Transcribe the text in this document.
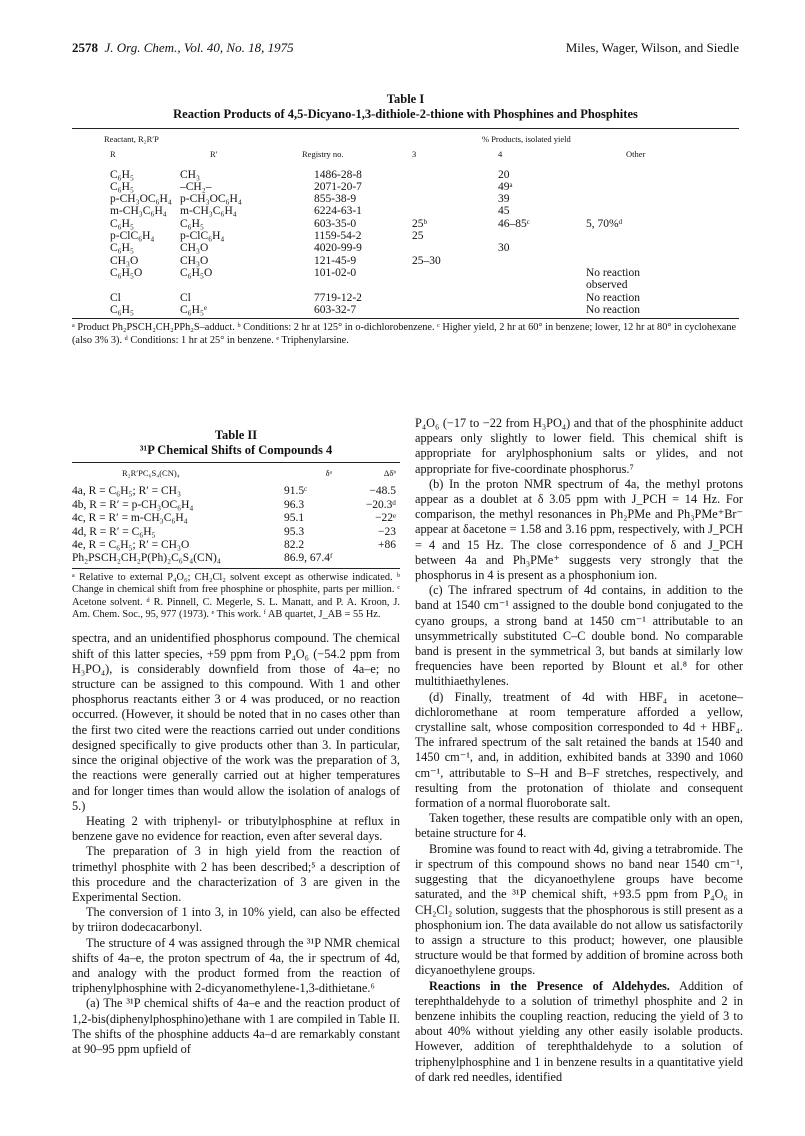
2578 J. Org. Chem., Vol. 40, No. 18, 1975	Miles, Wager, Wilson, and Siedle
Table I
Reaction Products of 4,5-Dicyano-1,3-dithiole-2-thione with Phosphines and Phosphites
Reactant, R₂R′P			% Products, isolated yield		
R	R′	Registry no.	3	4	Other
C₆H₅	CH₃	1486-28-8		20	
C₆H₅	–CH₂–	2071-20-7		49ᵃ	
p-CH₃OC₆H₄	p-CH₃OC₆H₄	855-38-9		39	
m-CH₃C₆H₄	m-CH₃C₆H₄	6224-63-1		45	
C₆H₅	C₆H₅	603-35-0	25ᵇ	46–85ᶜ	5, 70%ᵈ
p-ClC₆H₄	p-ClC₆H₄	1159-54-2	25		
C₆H₅	CH₃O	4020-99-9		30	
CH₃O	CH₃O	121-45-9	25–30		
C₆H₅O	C₆H₅O	101-02-0			No reaction
					observed
Cl	Cl	7719-12-2			No reaction
C₆H₅	C₆H₅ᵉ	603-32-7			No reaction
ᵃ Product Ph₂PSCH₂CH₂PPh₂S–adduct. ᵇ Conditions: 2 hr at 125° in o-dichlorobenzene. ᶜ Higher yield, 2 hr at 60° in benzene; lower, 12 hr at 80° in cyclohexane (also 3% 3). ᵈ Conditions: 1 hr at 25° in benzene. ᵉ Triphenylarsine.
Table II
³¹P Chemical Shifts of Compounds 4
R₂R′PC₆S₄(CN)₄	δᵃ	Δδᵇ
4a, R = C₆H₅; R′ = CH₃	91.5ᶜ	−48.5
4b, R = R′ = p-CH₃OC₆H₄	96.3	−20.3ᵈ
4c, R = R′ = m-CH₃C₆H₄	95.1	−22ᵉ
4d, R = R′ = C₆H₅	95.3	−23
4e, R = C₆H₅; R′ = CH₃O	82.2	+86
Ph₂PSCH₂CH₂P(Ph)₂C₆S₄(CN)₄	86.9, 67.4ᶠ	
ᵃ Relative to external P₄O₆; CH₂Cl₂ solvent except as otherwise indicated. ᵇ Change in chemical shift from free phosphine or phosphite, parts per million. ᶜ Acetone solvent. ᵈ R. Pinnell, C. Megerle, S. L. Manatt, and P. A. Kroon, J. Am. Chem. Soc., 95, 977 (1973). ᵉ This work. ᶠ AB quartet, J_AB = 55 Hz.

spectra, and an unidentified phosphorus compound. The chemical shift of this latter species, +59 ppm from P₄O₆ (−54.2 ppm from H₃PO₄), is considerably downfield from those of 4a–e; no structure can be assigned to this compound. With 1 and other phosphorus reactants either 3 or 4 was produced, or no reaction occurred. (However, it should be noted that in no cases other than the first two cited were the reactions carried out under conditions designed specifically to give products other than 3. In particular, since the original objective of the work was the preparation of 3, the reactions were generally carried out at higher temperatures and for longer times than would allow the isolation of analogs of 5.)

Heating 2 with triphenyl- or tributylphosphine at reflux in benzene gave no evidence for reaction, even after several days.

The preparation of 3 in high yield from the reaction of trimethyl phosphite with 2 has been described;⁵ a description of this procedure and the characterization of 3 are given in the Experimental Section.

The conversion of 1 into 3, in 10% yield, can also be effected by triiron dodecacarbonyl.

The structure of 4 was assigned through the ³¹P NMR chemical shifts of 4a–e, the proton spectrum of 4a, the ir spectrum of 4d, and analogy with the product formed from the reaction of triphenylphosphine with 2-dicyanomethylene-1,3-dithietane.⁶

(a) The ³¹P chemical shifts of 4a–e and the reaction product of 1,2-bis(diphenylphosphino)ethane with 1 are compiled in Table II. The shifts of the phosphine adducts 4a–d are remarkably constant at 90–95 ppm upfield of

P₄O₆ (−17 to −22 from H₃PO₄) and that of the phosphinite adduct appears only slightly to lower field. This chemical shift is appropriate for arylphosphonium salts or ylides, and not appropriate for five-coordinate phosphorus.⁷

(b) In the proton NMR spectrum of 4a, the methyl protons appear as a doublet at δ 3.05 ppm with J_PCH = 14 Hz. For comparison, the methyl resonances in Ph₂PMe and Ph₃PMe⁺Br⁻ appear at δacetone = 1.58 and 3.16 ppm, respectively, with J_PCH = 4 and 15 Hz. The close correspondence of δ and J_PCH between 4a and Ph₃PMe⁺ suggests very strongly that the phosphorus in 4 is present as a phosphonium ion.

(c) The infrared spectrum of 4d contains, in addition to the band at 1540 cm⁻¹ assigned to the double bond conjugated to the cyano groups, a strong band at 1450 cm⁻¹ attributable to an unsymmetrically substituted C–C double bond. No comparable band is present in the symmetrical 3, but bands at similarly low frequencies have been reported by Blount et al.⁸ for other multithiaethylenes.

(d) Finally, treatment of 4d with HBF₄ in acetone–dichloromethane at room temperature afforded a yellow, crystalline salt, whose composition corresponded to 4d + HBF₄. The infrared spectrum of the salt retained the bands at 1540 and 1450 cm⁻¹, and, in addition, exhibited bands at 3390 and 1060 cm⁻¹, attributable to S–H and B–F stretches, respectively, and resulting from the protonation of thiolate and consequent formation of a normal fluoroborate salt.

Taken together, these results are compatible only with an open, betaine structure for 4.

Bromine was found to react with 4d, giving a tetrabromide. The ir spectrum of this compound shows no band near 1540 cm⁻¹, suggesting that the dicyanoethylene groups have become saturated, and the ³¹P chemical shift, +93.5 ppm from P₄O₆ in CH₂Cl₂ solution, suggests that the phosphorous is still present as a phosphonium ion. The data available do not allow us satisfactorily to assign a structure to this product; however, one plausible structure would be that formed by addition of bromine across both dicyanoethylene groups.

Reactions in the Presence of Aldehydes. Addition of terephthaldehyde to a solution of trimethyl phosphite and 2 in benzene inhibits the coupling reaction, reducing the yield of 3 to about 40% without yielding any other easily isolable products. However, addition of terephthaldehyde to a solution of triphenylphosphine and 1 in benzene results in a quantitative yield of dark red needles, identified
